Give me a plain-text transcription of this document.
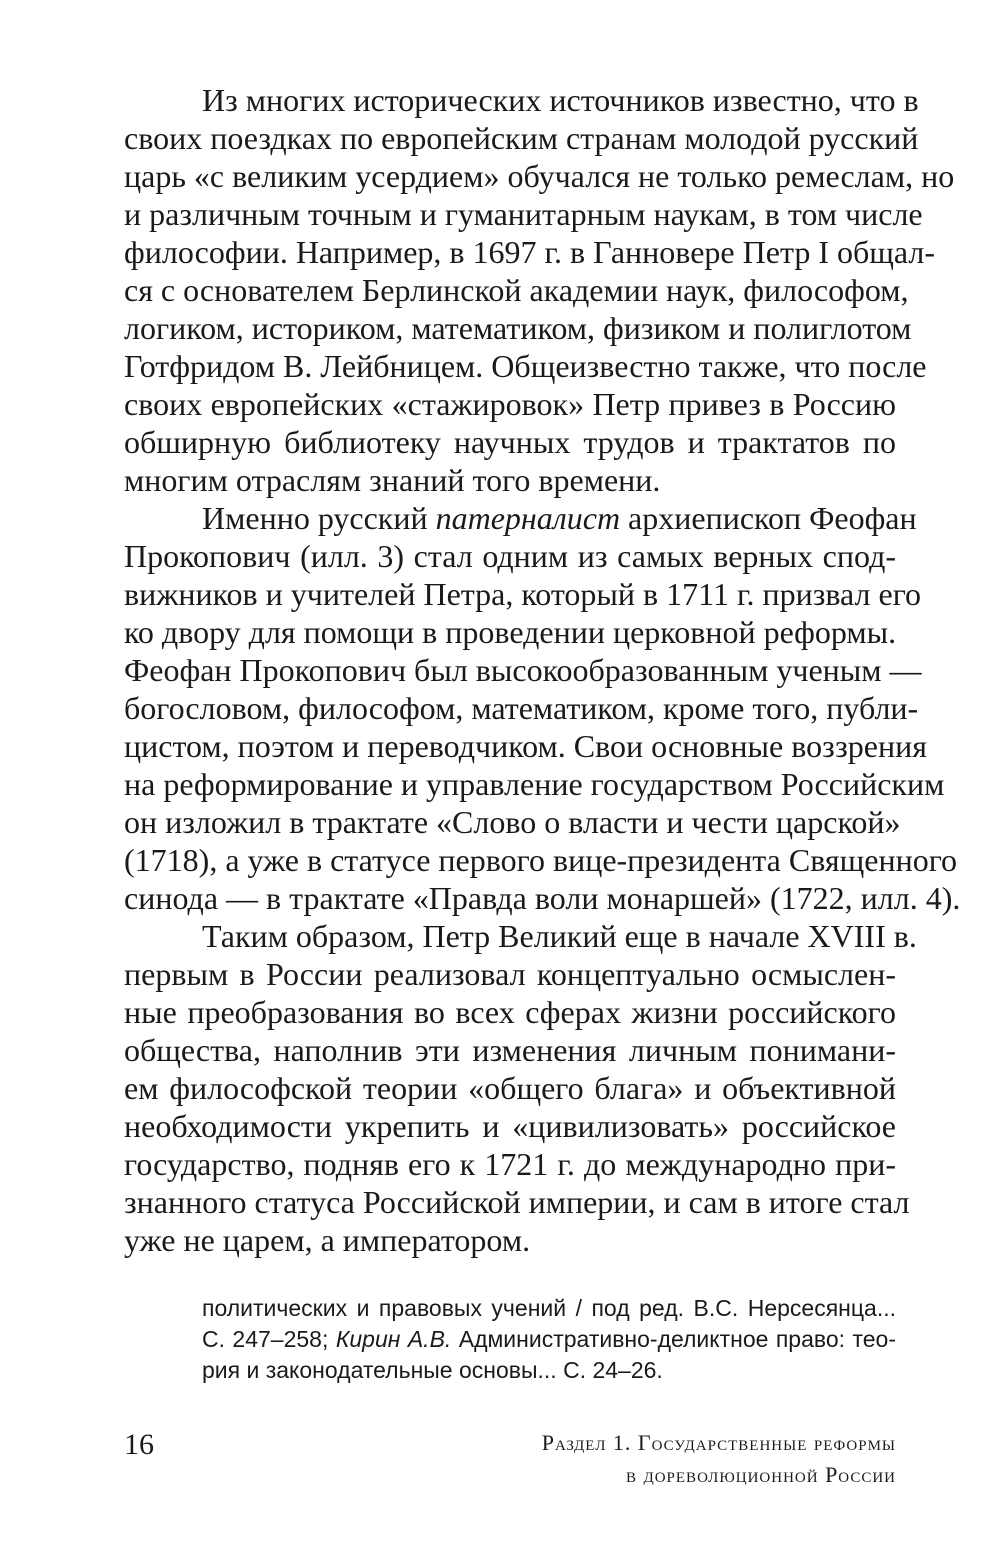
Из многих исторических источников известно, что в
своих поездках по европейским странам молодой русский
царь «с великим усердием» обучался не только ремеслам, но
и различным точным и гуманитарным наукам, в том числе
философии. Например, в 1697 г. в Ганновере Петр I общал-
ся с основателем Берлинской академии наук, философом,
логиком, историком, математиком, физиком и полиглотом
Готфридом В. Лейбницем. Общеизвестно также, что после
своих европейских «стажировок» Петр привез в Россию
обширную библиотеку научных трудов и трактатов по
многим отраслям знаний того времени.
Именно русский патерналист архиепископ Феофан
Прокопович (илл. 3) стал одним из самых верных спод-
вижников и учителей Петра, который в 1711 г. призвал его
ко двору для помощи в проведении церковной реформы.
Феофан Прокопович был высокообразованным ученым —
богословом, философом, математиком, кроме того, публи-
цистом, поэтом и переводчиком. Свои основные воззрения
на реформирование и управление государством Российским
он изложил в трактате «Слово о власти и чести царской»
(1718), а уже в статусе первого вице-президента Священного
синода — в трактате «Правда воли монаршей» (1722, илл. 4).
Таким образом, Петр Великий еще в начале XVIII в.
первым в России реализовал концептуально осмыслен-
ные преобразования во всех сферах жизни российского
общества, наполнив эти изменения личным понимани-
ем философской теории «общего блага» и объективной
необходимости укрепить и «цивилизовать» российское
государство, подняв его к 1721 г. до международно при-
знанного статуса Российской империи, и сам в итоге стал
уже не царем, а императором.
политических и правовых учений / под ред. В.С. Нерсесянца...
С. 247–258; Кирин А.В. Административно-деликтное право: тео-
рия и законодательные основы... С. 24–26.
16	Раздел 1. Государственные реформы
в дореволюционной России
